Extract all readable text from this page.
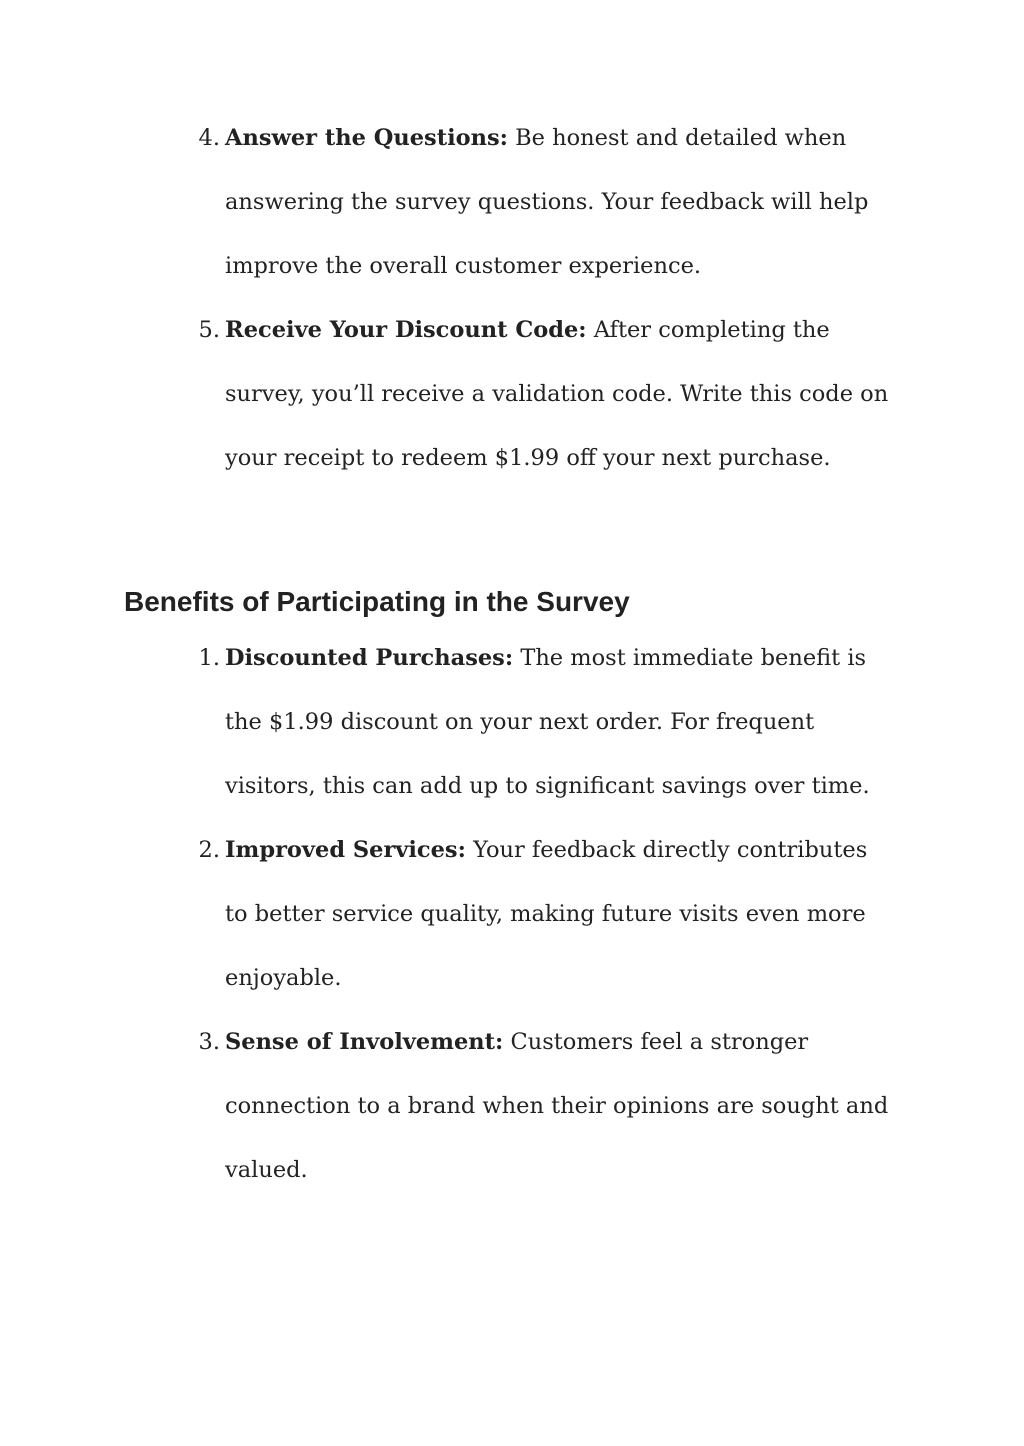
4. Answer the Questions: Be honest and detailed when answering the survey questions. Your feedback will help improve the overall customer experience.
5. Receive Your Discount Code: After completing the survey, you’ll receive a validation code. Write this code on your receipt to redeem $1.99 off your next purchase.
Benefits of Participating in the Survey
1. Discounted Purchases: The most immediate benefit is the $1.99 discount on your next order. For frequent visitors, this can add up to significant savings over time.
2. Improved Services: Your feedback directly contributes to better service quality, making future visits even more enjoyable.
3. Sense of Involvement: Customers feel a stronger connection to a brand when their opinions are sought and valued.
